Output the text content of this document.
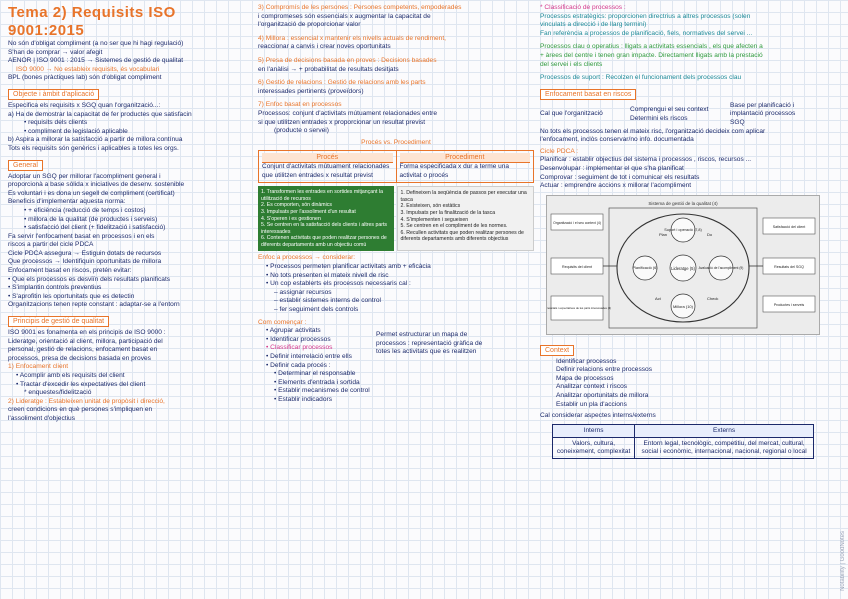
Tema 2) Requisits ISO 9001:2015
No són d'obligat compliment (a no ser que hi hagi regulació)
S'han de comprar → valor afegit
AENOR | ISO 9001 : 2015 → Sistemes de gestió de qualitat
ISO 9000 → No estableix requisits, és vocabulari
BPL (bones pràctiques lab) són d'obligat compliment
Objecte i àmbit d'aplicació
Especifica els requisits x SGQ quan l'organització...:
a) Ha de demostrar la capacitat de fer productes que satisfacin
• requisits dels clients
• compliment de legislació aplicable
b) Aspira a millorar la satisfacció a partir de millora contínua
Tots els requisits són genèrics i aplicables a totes les orgs.
General
Adoptar un SGQ per millorar l'acompliment general i
proporcionà a base sòlida x iniciatives de desenv. sostenible
És voluntari i es dona un segell de compliment (certificat)
Beneficis d'implementar aquesta norma:
• + eficiència (reducció de temps i costos)
• millora de la qualitat (de productes i serveis)
• satisfacció del client (+ fidelització i satisfacció)
Fa servir l'enfocament basat en processos i en els
riscos a partir del cicle PDCA
Cicle PDCA assegura → Estiguin dotats de recursos
Que processos → Identifiquin oportunitats de millora
Enfocament basat en riscos, pretén evitar:
• Que els processos es desviïn dels resultats planificats
• S'implantin controls preventius
• S'aprofitin les oportunitats que es detectin
Organitzacions tenen repte constant : adaptar-se a l'entorn
Principis de gestió de qualitat
ISO 9001 es fonamenta en els principis de ISO 9000 :
Lideratge, orientació al client, millora, participació del
personal, gestió de relacions, enfocament basat en
processos, presa de decisions basada en proves
1) Enfocament client
• Acomplir amb els requisits del client
• Tractar d'excedir les expectatives del client
* enquestes/fidelització
2) Lideratge : Estableixen unitat de propòsit i direcció,
creen condicions en què persones s'impliquen en
l'assoliment d'objectius
3) Compromís de les persones : Persones competents, empoderades
i compromeses són essencials x augmentar la capacitat de
l'organització de proporcionar valor
4) Millora : essencial x mantenir els nivells actuals de rendiment,
reaccionar a canvis i crear noves oportunitats
5) Presa de decisions basada en proves : Decisions basades
en l'anàlisi → + probabilitat de resultats desitjats
6) Gestió de relacions : Gestió de relacions amb les parts
interessades pertinents (proveïdors)
7) Enfoc basat en processos
Processos: conjunt d'activitats mútuament relacionades entre
si que utilitzen entrades x proporcionar un resultat previst
(producte o servei)
Procés vs. Procediment
Procés
Conjunt d'activitats mútuament relacionades que utilitzen entrades x resultat previst
Procediment
Forma especificada x dur a terme una activitat o procés
1. Transformen les entrades en sortides mitjançant la utilització de recursos
2. Es comporten, són dinàmics
3. Impulsats per l'assoliment d'un resultat
4. S'operen i es gestionen
5. Se centren en la satisfacció dels clients i altres parts interessades
6. Contenen activitats que poden realitzar persones de diferents departaments amb un objectiu comú
1. Defineixen la seqüència de passos per executar una tasca
2. Existeixen, són estàtics
3. Impulsats per la finalització de la tasca
4. S'implementen i segueixen
5. Se centren en el compliment de les normes.
6. Recullen activitats que poden realitzar persones de diferents departaments amb diferents objectius
Enfoc a processos → considerar:
• Processos permeten planificar activitats amb + eficàcia
• No tots presenten el mateix nivell de risc
• Un cop establerts els processos necessaris cal :
– assignar recursos
– establir sistemes interns de control
– fer seguiment dels controls
Com començar :
• Agrupar activitats
• Identificar processos
• Classificar processos
• Definir interrelació entre ells
• Definir cada procés :
• Determinar el responsable
• Elements d'entrada i sortida
• Establir mecanismes de control
• Establir indicadors
Permet estructurar un mapa de
processos : representació gràfica de
totes les activitats que es realitzen
* Classificació de processos :
Processos estratègics: proporcionen directrius a altres processos (solen
vinculats a direcció i de llarg termini)
Fan referència a processos de planificació, fiels, normatives del servei ...
Processos clau o operatius : lligats a activitats essencials , els que afecten a
+ àrees del centre i tenen gran impacte. Directament lligats amb la prestació
del servei i els clients
Processos de suport : Recolzen el funcionament dels processos clau
Enfocament basat en riscos
Cal que l'organització
Comprengui el seu context
Determini els riscos
Base per planificació i
implantació processos
SGQ
No tots els processos tenen el mateix risc, l'organització decideix com aplicar
l'enfocament, inclòs conservar/no info. documentada
Cicle PDCA :
Planificar : establir objectius del sistema i processos , riscos, recursos ...
Desenvolupar : implementar el que s'ha planificat
Comprovar : seguiment de tot i comunicar els resultats
Actuar : emprendre accions x millorar l'acompliment
Sistema de gestió de la qualitat (4)
Lideratge (5)
Suport i operació (7,8)
Planificació (6)	Avaluació de l'acompliment (9)
Millora (10)
Plan	Do
Check
Act
Organització i el seu context (4)
Requisits del client
Necessitats i expectatives de les parts interessades (4)
Satisfacció del client
Resultats del SGQ
Productes i serveis
Context
Identificar processos
Definir relacions entre processos
Mapa de processos
Analitzar context i riscos
Analitzar oportunitats de millora
Establir un pla d'accions
Cal considerar aspectes interns/externs
Interns	Externs
Valors, cultura, coneixement, complexitat	Entorn legal, tecnològic, competitiu, del mercat, cultural, social i econòmic, internacional, nacional, regional o local
Notability | GoodNotes
